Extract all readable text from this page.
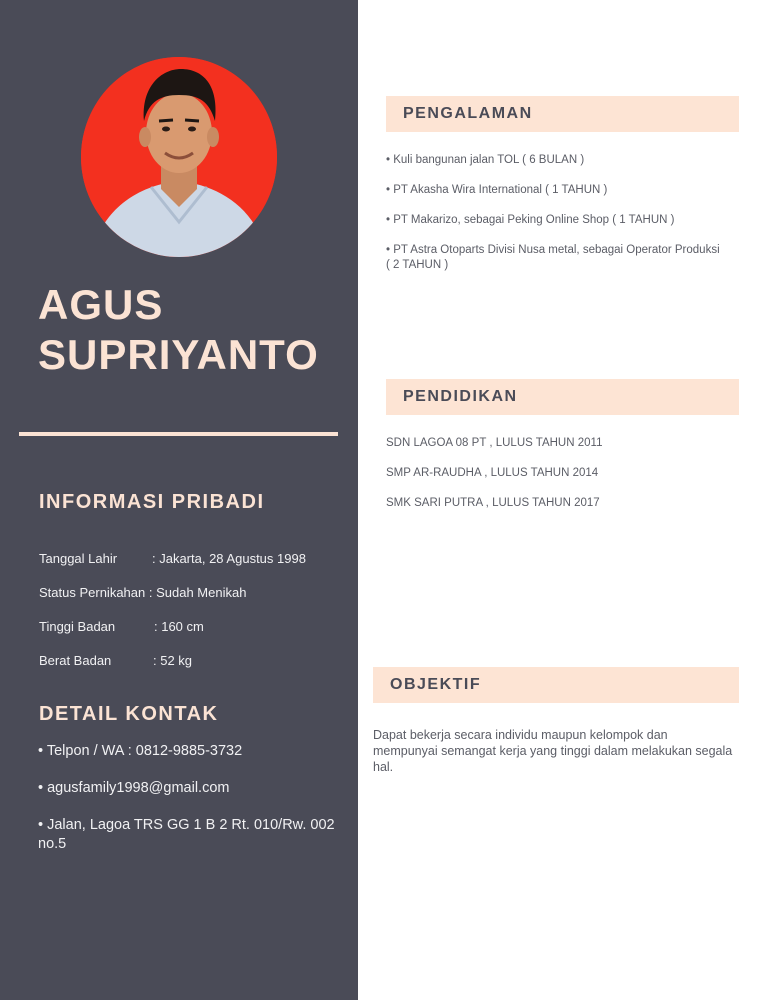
AGUS
SUPRIYANTO
INFORMASI PRIBADI
Tanggal Lahir	: Jakarta, 28 Agustus 1998
Status Pernikahan : Sudah Menikah
Tinggi Badan	: 160 cm
Berat Badan	: 52 kg
DETAIL KONTAK
• Telpon / WA : 0812-9885-3732
• agusfamily1998@gmail.com
• Jalan, Lagoa TRS GG 1 B 2 Rt. 010/Rw. 002 no.5
PENGALAMAN
• Kuli bangunan jalan TOL ( 6 BULAN )
• PT Akasha Wira International ( 1 TAHUN )
• PT Makarizo, sebagai Peking Online Shop ( 1 TAHUN )
• PT Astra Otoparts Divisi Nusa metal, sebagai Operator Produksi ( 2 TAHUN )
PENDIDIKAN
SDN LAGOA 08 PT , LULUS TAHUN 2011
SMP AR-RAUDHA , LULUS TAHUN 2014
SMK SARI PUTRA , LULUS TAHUN 2017
OBJEKTIF
Dapat bekerja secara individu maupun kelompok dan mempunyai semangat kerja yang tinggi dalam melakukan segala hal.
